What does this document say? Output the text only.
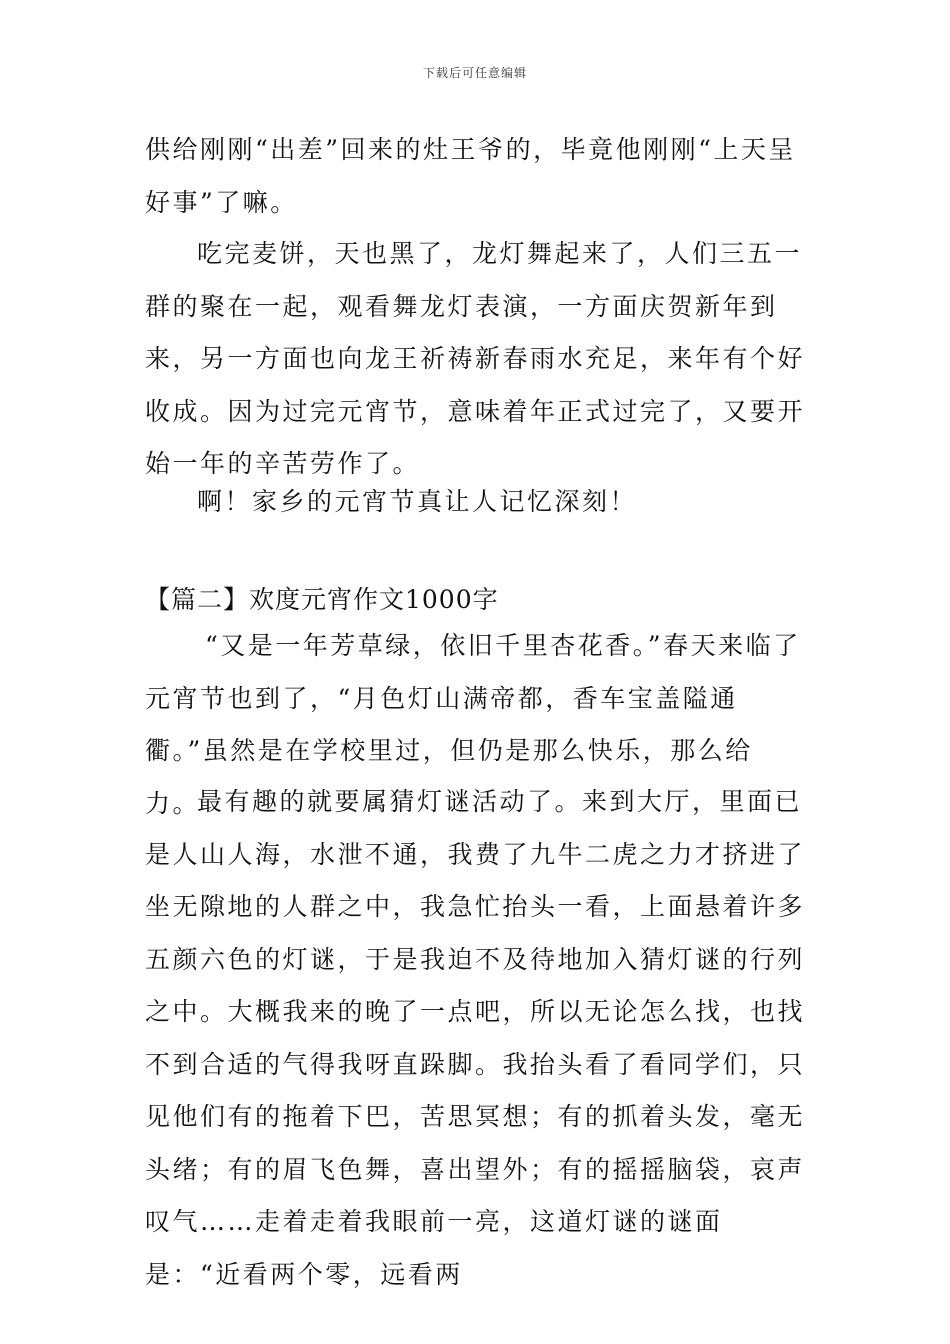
下载后可任意编辑

供给刚刚“出差”回来的灶王爷的，毕竟他刚刚“上天呈好事”了嘛。

吃完麦饼，天也黑了，龙灯舞起来了，人们三五一群的聚在一起，观看舞龙灯表演，一方面庆贺新年到来，另一方面也向龙王祈祷新春雨水充足，来年有个好收成。因为过完元宵节，意味着年正式过完了，又要开始一年的辛苦劳作了。

啊！家乡的元宵节真让人记忆深刻！

【篇二】欢度元宵作文1000字

“又是一年芳草绿，依旧千里杏花香。”春天来临了元宵节也到了，“月色灯山满帝都，香车宝盖隘通衢。”虽然是在学校里过，但仍是那么快乐，那么给力。

最有趣的就要属猜灯谜活动了。来到大厅，里面已是人山人海，水泄不通，我费了九牛二虎之力才挤进了坐无隙地的人群之中，我急忙抬头一看，上面悬着许多五颜六色的灯谜，于是我迫不及待地加入猜灯谜的行列之中。大概我来的晚了一点吧，所以无论怎么找，也找不到合适的气得我呀直跺脚。我抬头看了看同学们，只见他们有的拖着下巴，苦思冥想；有的抓着头发，毫无头绪；有的眉飞色舞，喜出望外；有的摇摇脑袋，哀声叹气……走着走着我眼前一亮，这道灯谜的谜面是：“近看两个零，远看两
